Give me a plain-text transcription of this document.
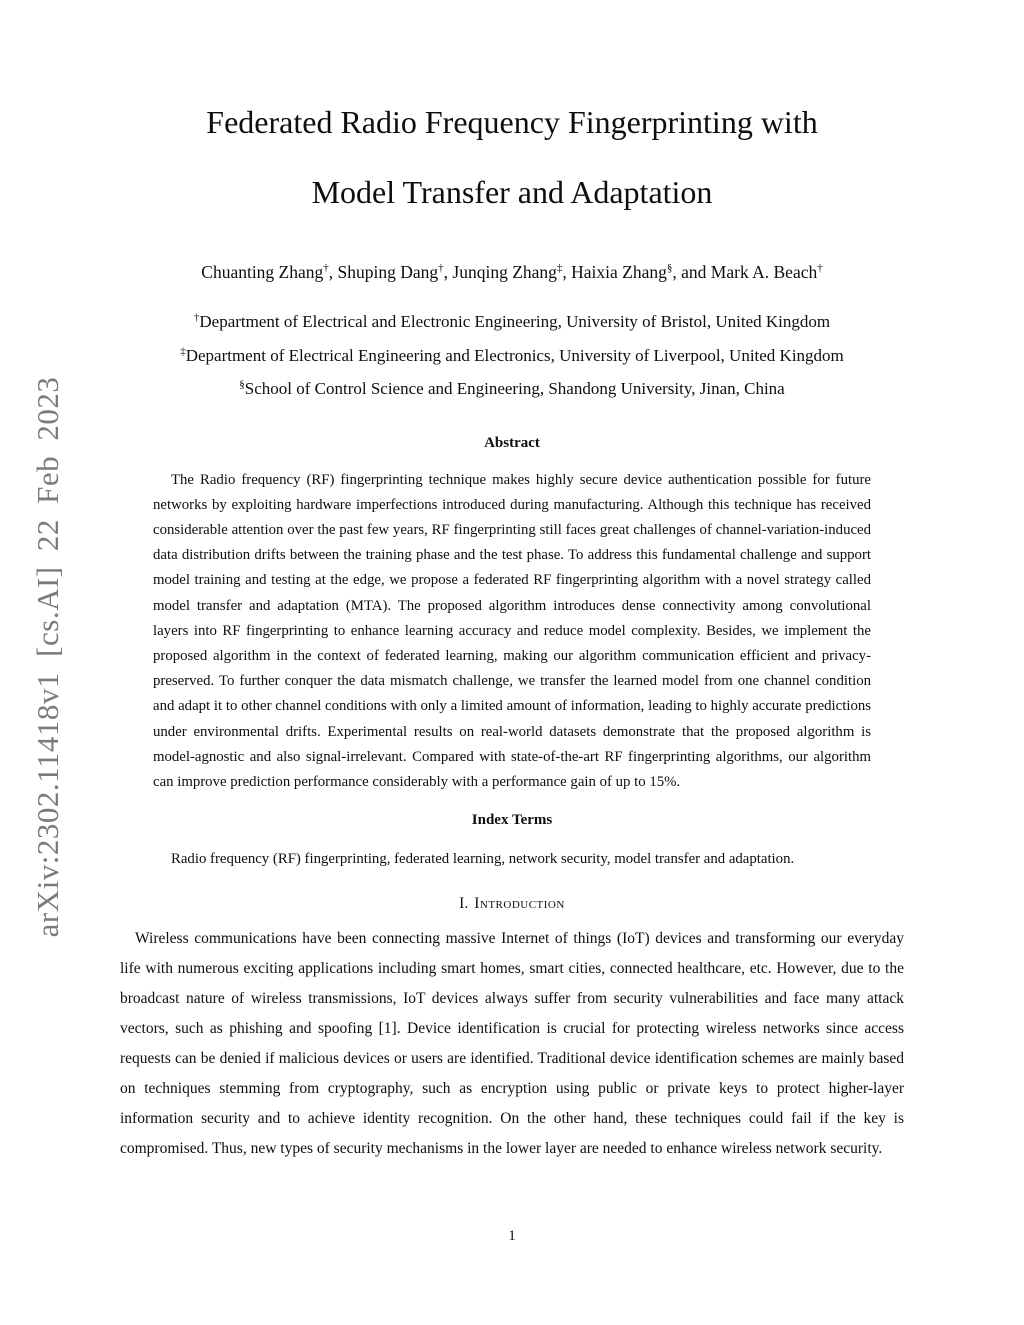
arXiv:2302.11418v1 [cs.AI] 22 Feb 2023
Federated Radio Frequency Fingerprinting with
Model Transfer and Adaptation
Chuanting Zhang†, Shuping Dang†, Junqing Zhang‡, Haixia Zhang§, and Mark A. Beach†
†Department of Electrical and Electronic Engineering, University of Bristol, United Kingdom
‡Department of Electrical Engineering and Electronics, University of Liverpool, United Kingdom
§School of Control Science and Engineering, Shandong University, Jinan, China
Abstract

The Radio frequency (RF) fingerprinting technique makes highly secure device authentication possible for future networks by exploiting hardware imperfections introduced during manufacturing. Although this technique has received considerable attention over the past few years, RF fingerprinting still faces great challenges of channel-variation-induced data distribution drifts between the training phase and the test phase. To address this fundamental challenge and support model training and testing at the edge, we propose a federated RF fingerprinting algorithm with a novel strategy called model transfer and adaptation (MTA). The proposed algorithm introduces dense connectivity among convolutional layers into RF fingerprinting to enhance learning accuracy and reduce model complexity. Besides, we implement the proposed algorithm in the context of federated learning, making our algorithm communication efficient and privacy-preserved. To further conquer the data mismatch challenge, we transfer the learned model from one channel condition and adapt it to other channel conditions with only a limited amount of information, leading to highly accurate predictions under environmental drifts. Experimental results on real-world datasets demonstrate that the proposed algorithm is model-agnostic and also signal-irrelevant. Compared with state-of-the-art RF fingerprinting algorithms, our algorithm can improve prediction performance considerably with a performance gain of up to 15%.

Index Terms

Radio frequency (RF) fingerprinting, federated learning, network security, model transfer and adaptation.

I. Introduction

Wireless communications have been connecting massive Internet of things (IoT) devices and transforming our everyday life with numerous exciting applications including smart homes, smart cities, connected healthcare, etc. However, due to the broadcast nature of wireless transmissions, IoT devices always suffer from security vulnerabilities and face many attack vectors, such as phishing and spoofing [1]. Device identification is crucial for protecting wireless networks since access requests can be denied if malicious devices or users are identified. Traditional device identification schemes are mainly based on techniques stemming from cryptography, such as encryption using public or private keys to protect higher-layer information security and to achieve identity recognition. On the other hand, these techniques could fail if the key is compromised. Thus, new types of security mechanisms in the lower layer are needed to enhance wireless network security.

1
